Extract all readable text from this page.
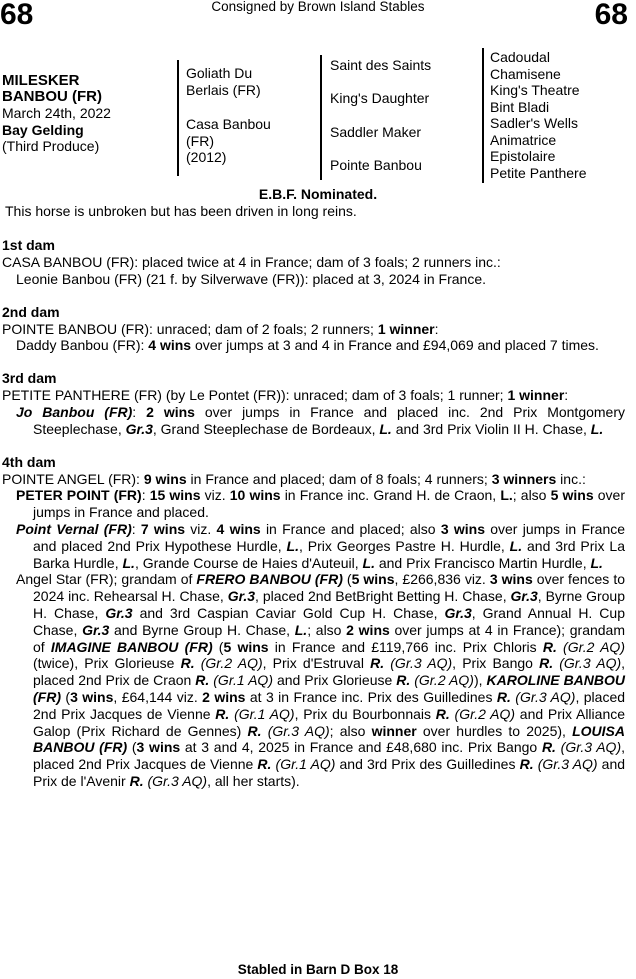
68	Consigned by Brown Island Stables	68
MILESKER
BANBOU (FR)
March 24th, 2022
Bay Gelding
(Third Produce)
Goliath Du
Berlais (FR)
Casa Banbou
(FR)
(2012)
Saint des Saints
King's Daughter
Saddler Maker
Pointe Banbou
Cadoudal
Chamisene
King's Theatre
Bint Bladi
Sadler's Wells
Animatrice
Epistolaire
Petite Panthere
E.B.F. Nominated.
This horse is unbroken but has been driven in long reins.
1st dam

CASA BANBOU (FR): placed twice at 4 in France; dam of 3 foals; 2 runners inc.:

Leonie Banbou (FR) (21 f. by Silverwave (FR)): placed at 3, 2024 in France.

2nd dam

POINTE BANBOU (FR): unraced; dam of 2 foals; 2 runners; 1 winner:

Daddy Banbou (FR): 4 wins over jumps at 3 and 4 in France and £94,069 and placed 7 times.

3rd dam

PETITE PANTHERE (FR) (by Le Pontet (FR)): unraced; dam of 3 foals; 1 runner; 1 winner:

Jo Banbou (FR): 2 wins over jumps in France and placed inc. 2nd Prix Montgomery Steeplechase, Gr.3, Grand Steeplechase de Bordeaux, L. and 3rd Prix Violin II H. Chase, L.

4th dam

POINTE ANGEL (FR): 9 wins in France and placed; dam of 8 foals; 4 runners; 3 winners inc.:

PETER POINT (FR): 15 wins viz. 10 wins in France inc. Grand H. de Craon, L.; also 5 wins over jumps in France and placed.

Point Vernal (FR): 7 wins viz. 4 wins in France and placed; also 3 wins over jumps in France and placed 2nd Prix Hypothese Hurdle, L., Prix Georges Pastre H. Hurdle, L. and 3rd Prix La Barka Hurdle, L., Grande Course de Haies d'Auteuil, L. and Prix Francisco Martin Hurdle, L.

Angel Star (FR); grandam of FRERO BANBOU (FR) (5 wins, £266,836 viz. 3 wins over fences to 2024 inc. Rehearsal H. Chase, Gr.3, placed 2nd BetBright Betting H. Chase, Gr.3, Byrne Group H. Chase, Gr.3 and 3rd Caspian Caviar Gold Cup H. Chase, Gr.3, Grand Annual H. Cup Chase, Gr.3 and Byrne Group H. Chase, L.; also 2 wins over jumps at 4 in France); grandam of IMAGINE BANBOU (FR) (5 wins in France and £119,766 inc. Prix Chloris R. (Gr.2 AQ) (twice), Prix Glorieuse R. (Gr.2 AQ), Prix d'Estruval R. (Gr.3 AQ), Prix Bango R. (Gr.3 AQ), placed 2nd Prix de Craon R. (Gr.1 AQ) and Prix Glorieuse R. (Gr.2 AQ)), KAROLINE BANBOU (FR) (3 wins, £64,144 viz. 2 wins at 3 in France inc. Prix des Guilledines R. (Gr.3 AQ), placed 2nd Prix Jacques de Vienne R. (Gr.1 AQ), Prix du Bourbonnais R. (Gr.2 AQ) and Prix Alliance Galop (Prix Richard de Gennes) R. (Gr.3 AQ); also winner over hurdles to 2025), LOUISA BANBOU (FR) (3 wins at 3 and 4, 2025 in France and £48,680 inc. Prix Bango R. (Gr.3 AQ), placed 2nd Prix Jacques de Vienne R. (Gr.1 AQ) and 3rd Prix des Guilledines R. (Gr.3 AQ) and Prix de l'Avenir R. (Gr.3 AQ), all her starts).

Stabled in Barn D Box 18
